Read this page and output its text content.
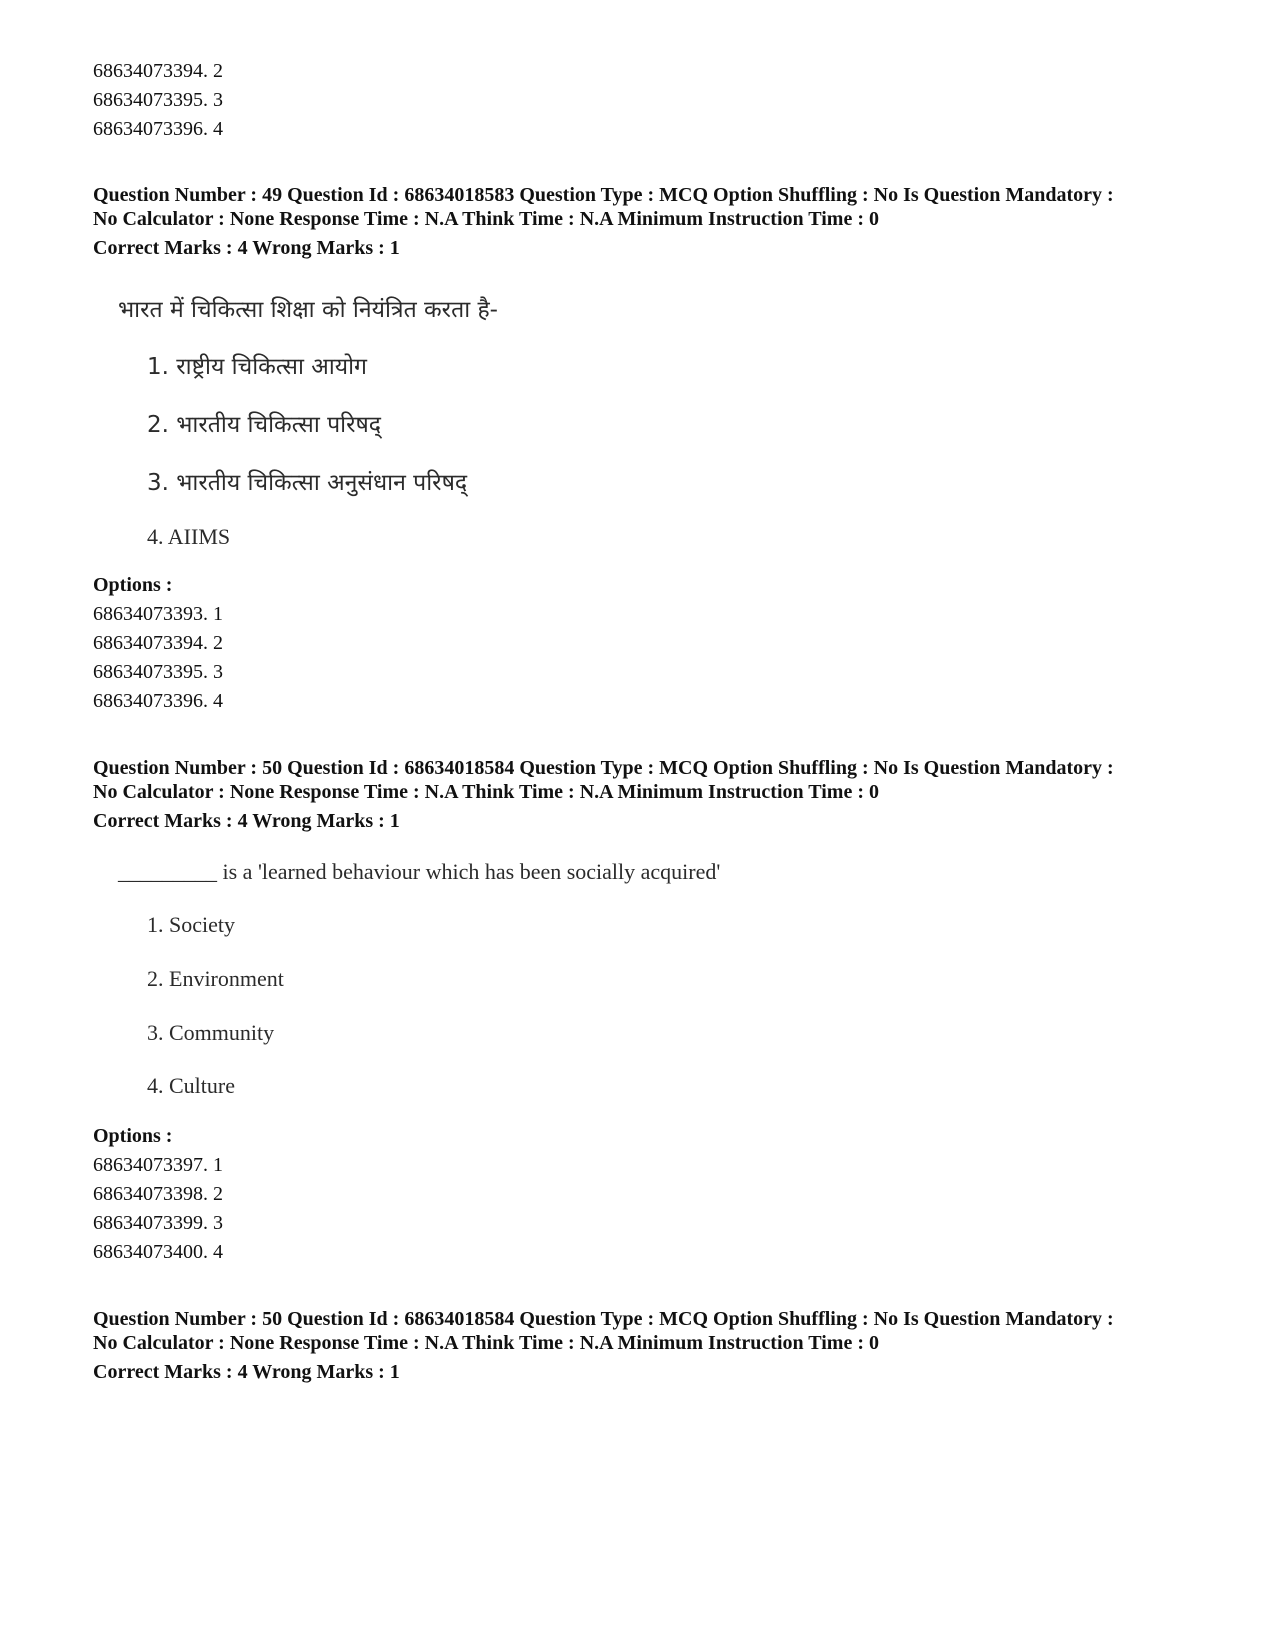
68634073394. 2
68634073395. 3
68634073396. 4
Question Number : 49 Question Id : 68634018583 Question Type : MCQ Option Shuffling : No Is Question Mandatory :
No Calculator : None Response Time : N.A Think Time : N.A Minimum Instruction Time : 0
Correct Marks : 4 Wrong Marks : 1
भारत में चिकित्सा शिक्षा को नियंत्रित करता है-
1. राष्ट्रीय चिकित्सा आयोग
2. भारतीय चिकित्सा परिषद्
3. भारतीय चिकित्सा अनुसंधान परिषद्
4. AIIMS
Options :
68634073393. 1
68634073394. 2
68634073395. 3
68634073396. 4
Question Number : 50 Question Id : 68634018584 Question Type : MCQ Option Shuffling : No Is Question Mandatory :
No Calculator : None Response Time : N.A Think Time : N.A Minimum Instruction Time : 0
Correct Marks : 4 Wrong Marks : 1
_________ is a 'learned behaviour which has been socially acquired'
1. Society
2. Environment
3. Community
4. Culture
Options :
68634073397. 1
68634073398. 2
68634073399. 3
68634073400. 4
Question Number : 50 Question Id : 68634018584 Question Type : MCQ Option Shuffling : No Is Question Mandatory :
No Calculator : None Response Time : N.A Think Time : N.A Minimum Instruction Time : 0
Correct Marks : 4 Wrong Marks : 1
